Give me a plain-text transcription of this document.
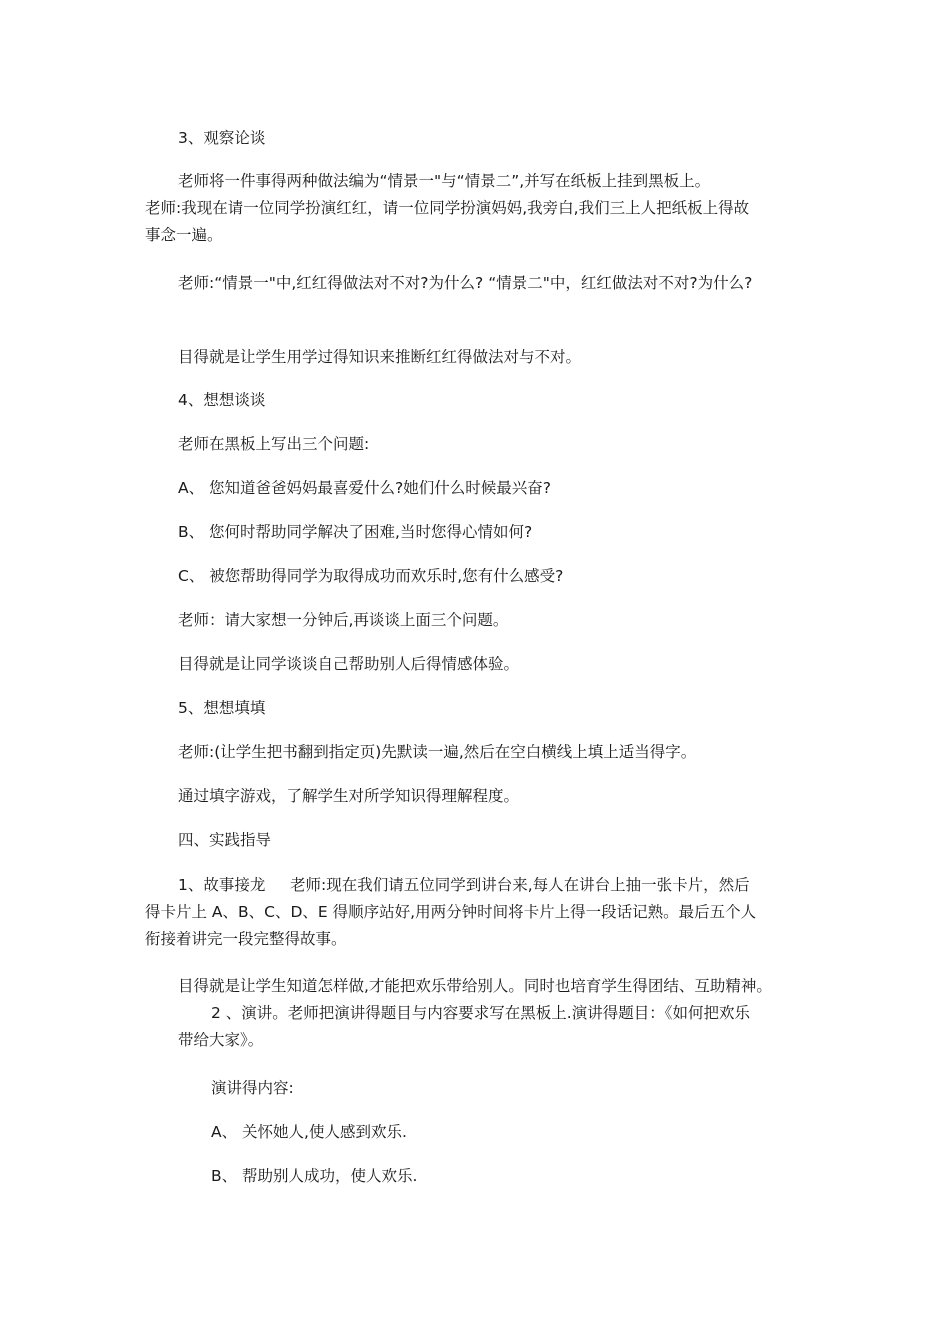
3、观察论谈
老师将一件事得两种做法编为“情景一"与“情景二”,并写在纸板上挂到黑板上。
老师:我现在请一位同学扮演红红，请一位同学扮演妈妈,我旁白,我们三上人把纸板上得故
事念一遍。
老师:“情景一"中,红红得做法对不对?为什么? “情景二"中，红红做法对不对?为什么?
目得就是让学生用学过得知识来推断红红得做法对与不对。
4、想想谈谈
老师在黑板上写出三个问题:
A、 您知道爸爸妈妈最喜爱什么?她们什么时候最兴奋?
B、 您何时帮助同学解决了困难,当时您得心情如何?
C、 被您帮助得同学为取得成功而欢乐时,您有什么感受?
老师：请大家想一分钟后,再谈谈上面三个问题。
目得就是让同学谈谈自己帮助别人后得情感体验。
5、想想填填
老师:(让学生把书翻到指定页)先默读一遍,然后在空白横线上填上适当得字。
通过填字游戏，了解学生对所学知识得理解程度。
四、实践指导
1、故事接龙     老师:现在我们请五位同学到讲台来,每人在讲台上抽一张卡片，然后
得卡片上 A、B、C、D、E 得顺序站好,用两分钟时间将卡片上得一段话记熟。最后五个人
衔接着讲完一段完整得故事。
目得就是让学生知道怎样做,才能把欢乐带给别人。同时也培育学生得团结、互助精神。
2 、演讲。老师把演讲得题目与内容要求写在黑板上.演讲得题目：《如何把欢乐
带给大家》。
演讲得内容:
A、 关怀她人,使人感到欢乐.
B、 帮助别人成功，使人欢乐.
